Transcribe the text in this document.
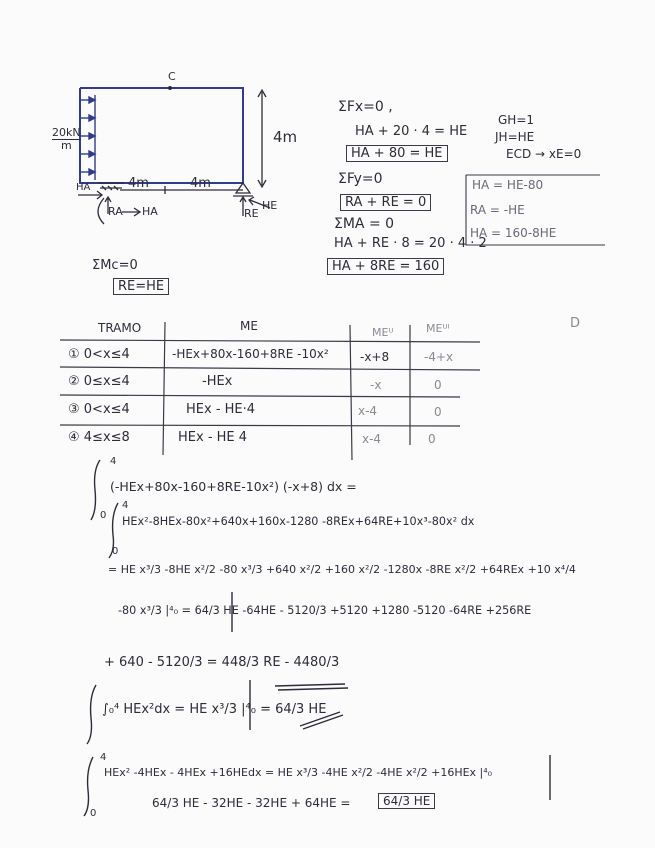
C
20kN
m	4m
4m	4m
HA
RA HA	HE
RE
ΣFx=0 ,
HA + 20 · 4 = HE
HA + 80 = HE
ΣFy=0
RA + RE = 0
ΣMA = 0
HA + RE · 8 = 20 · 4 · 2
HA + 8RE = 160
ΣMc=0
RE=HE
GH=1
JH=HE
ECD → xE=0
HA = HE-80
RA = -HE
HA = 160-8HE
TRAMO	ME	MEᵁ	MEᵁᴵ	D
① 0<x≤4	-HEx+80x-160+8RE -10x²	-x+8	-4+x
② 0≤x≤4	-HEx	-x	0
③ 0<x≤4	HEx - HE·4	x-4	0
④ 4≤x≤8	HEx - HE 4	x-4	0
4
0
(-HEx+80x-160+8RE-10x²) (-x+8) dx =
4
0
HEx²-8HEx-80x²+640x+160x-1280 -8REx+64RE+10x³-80x² dx
= HE x³/3 -8HE x²/2 -80 x³/3 +640 x²/2 +160 x²/2 -1280x -8RE x²/2 +64REx +10 x⁴/4
-80 x³/3 |⁴₀ = 64/3 HE -64HE - 5120/3 +5120 +1280 -5120 -64RE +256RE
+ 640 - 5120/3 = 448/3 RE - 4480/3
∫₀⁴ HEx²dx = HE x³/3 |⁴₀ = 64/3 HE
4
0
HEx² -4HEx - 4HEx +16HEdx = HE x³/3 -4HE x²/2 -4HE x²/2 +16HEx |⁴₀
64/3 HE - 32HE - 32HE + 64HE =	64/3 HE
